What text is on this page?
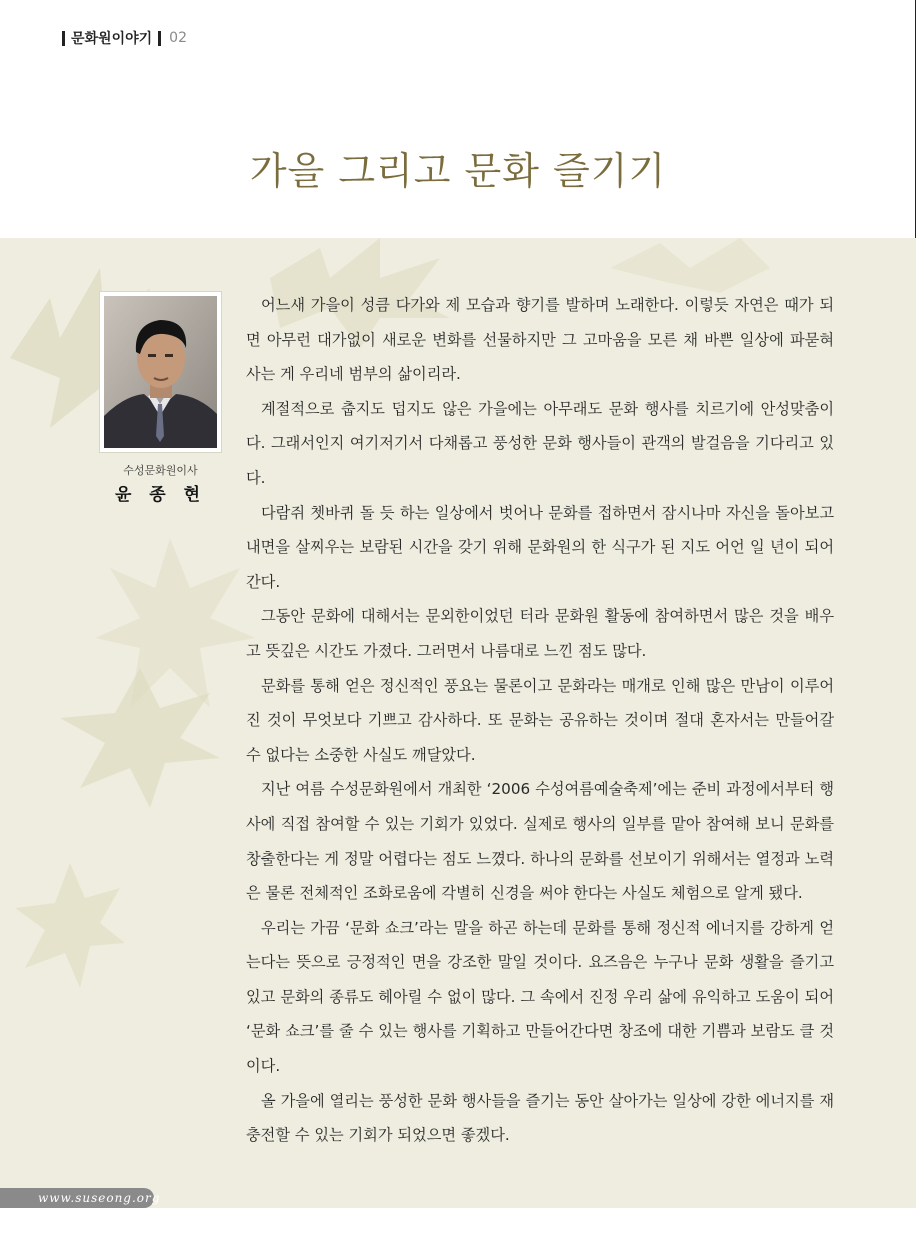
문화원이야기 02
가을 그리고 문화 즐기기
수성문화원이사
윤 종 현

어느새 가을이 성큼 다가와 제 모습과 향기를 발하며 노래한다. 이렇듯 자연은 때가 되면 아무런 대가없이 새로운 변화를 선물하지만 그 고마움을 모른 채 바쁜 일상에 파묻혀 사는 게 우리네 범부의 삶이리라.

계절적으로 춥지도 덥지도 않은 가을에는 아무래도 문화 행사를 치르기에 안성맞춤이다. 그래서인지 여기저기서 다채롭고 풍성한 문화 행사들이 관객의 발걸음을 기다리고 있다.

다람쥐 쳇바퀴 돌 듯 하는 일상에서 벗어나 문화를 접하면서 잠시나마 자신을 돌아보고 내면을 살찌우는 보람된 시간을 갖기 위해 문화원의 한 식구가 된 지도 어언 일 년이 되어간다.

그동안 문화에 대해서는 문외한이었던 터라 문화원 활동에 참여하면서 많은 것을 배우고 뜻깊은 시간도 가졌다. 그러면서 나름대로 느낀 점도 많다.

문화를 통해 얻은 정신적인 풍요는 물론이고 문화라는 매개로 인해 많은 만남이 이루어진 것이 무엇보다 기쁘고 감사하다. 또 문화는 공유하는 것이며 절대 혼자서는 만들어갈 수 없다는 소중한 사실도 깨달았다.

지난 여름 수성문화원에서 개최한 ‘2006 수성여름예술축제’에는 준비 과정에서부터 행사에 직접 참여할 수 있는 기회가 있었다. 실제로 행사의 일부를 맡아 참여해 보니 문화를 창출한다는 게 정말 어렵다는 점도 느꼈다. 하나의 문화를 선보이기 위해서는 열정과 노력은 물론 전체적인 조화로움에 각별히 신경을 써야 한다는 사실도 체험으로 알게 됐다.

우리는 가끔 ‘문화 쇼크’라는 말을 하곤 하는데 문화를 통해 정신적 에너지를 강하게 얻는다는 뜻으로 긍정적인 면을 강조한 말일 것이다. 요즈음은 누구나 문화 생활을 즐기고 있고 문화의 종류도 헤아릴 수 없이 많다. 그 속에서 진정 우리 삶에 유익하고 도움이 되어 ‘문화 쇼크’를 줄 수 있는 행사를 기획하고 만들어간다면 창조에 대한 기쁨과 보람도 클 것이다.

올 가을에 열리는 풍성한 문화 행사들을 즐기는 동안 살아가는 일상에 강한 에너지를 재충전할 수 있는 기회가 되었으면 좋겠다.

www.suseong.org
